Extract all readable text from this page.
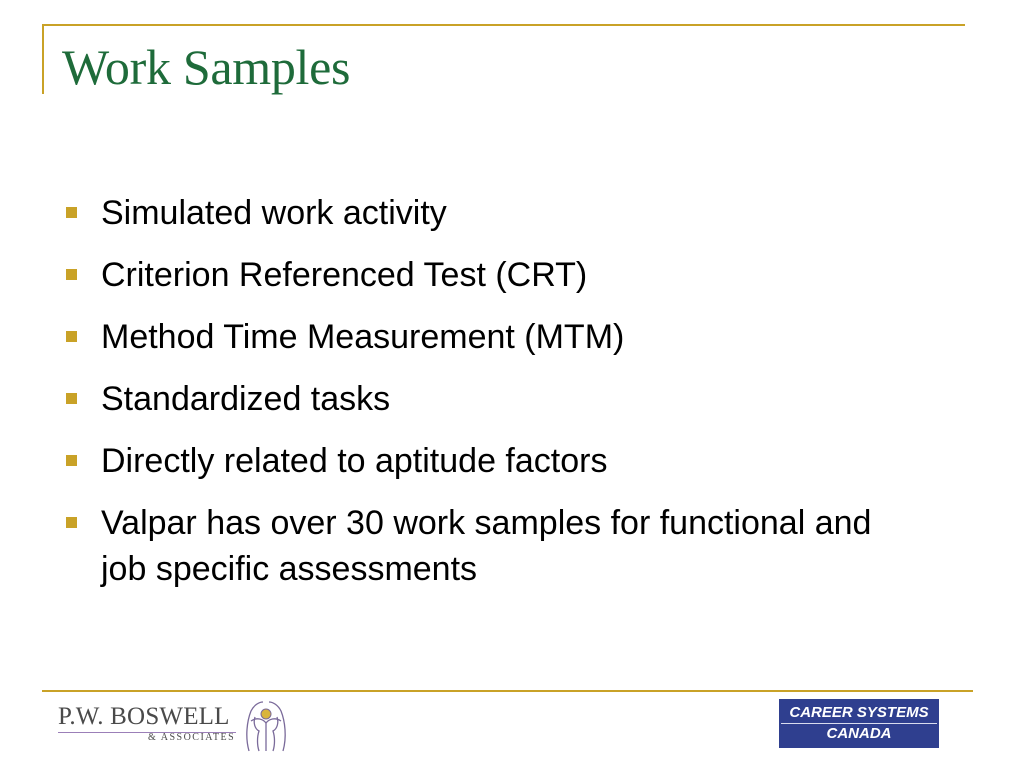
Work Samples
Simulated work activity
Criterion Referenced Test (CRT)
Method Time Measurement (MTM)
Standardized tasks
Directly related to aptitude factors
Valpar has over 30 work samples for functional and job specific assessments
P.W. BOSWELL
& ASSOCIATES
CAREER SYSTEMS
CANADA
